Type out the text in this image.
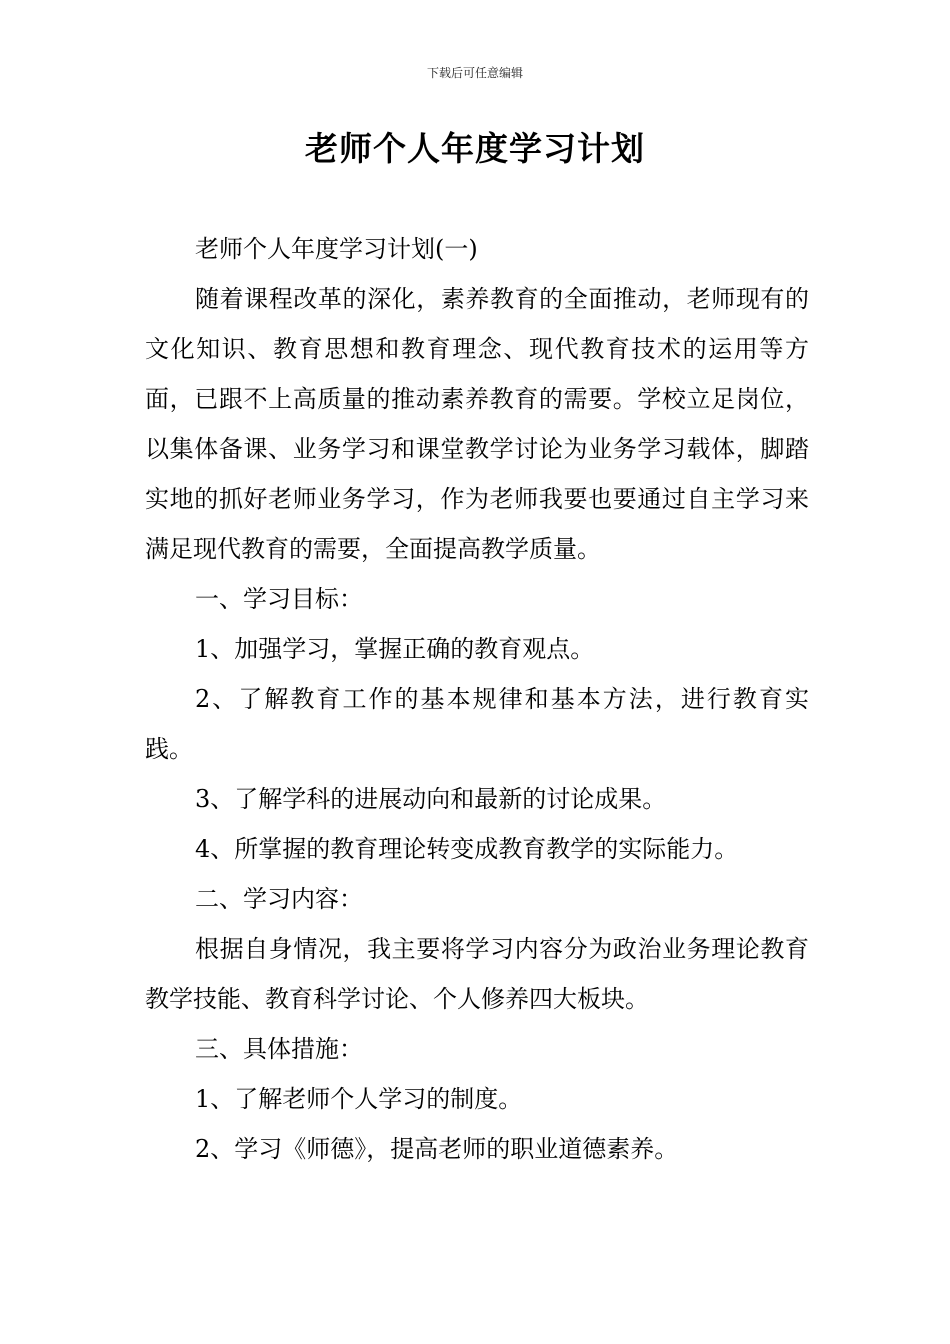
下载后可任意编辑
老师个人年度学习计划

老师个人年度学习计划(一)

随着课程改革的深化，素养教育的全面推动，老师现有的文化知识、教育思想和教育理念、现代教育技术的运用等方面，已跟不上高质量的推动素养教育的需要。学校立足岗位，以集体备课、业务学习和课堂教学讨论为业务学习载体，脚踏实地的抓好老师业务学习，作为老师我要也要通过自主学习来满足现代教育的需要，全面提高教学质量。

一、学习目标：

1、加强学习，掌握正确的教育观点。

2、了解教育工作的基本规律和基本方法，进行教育实践。

3、了解学科的进展动向和最新的讨论成果。

4、所掌握的教育理论转变成教育教学的实际能力。

二、学习内容：

根据自身情况，我主要将学习内容分为政治业务理论教育教学技能、教育科学讨论、个人修养四大板块。

三、具体措施：

1、了解老师个人学习的制度。

2、学习《师德》，提高老师的职业道德素养。
